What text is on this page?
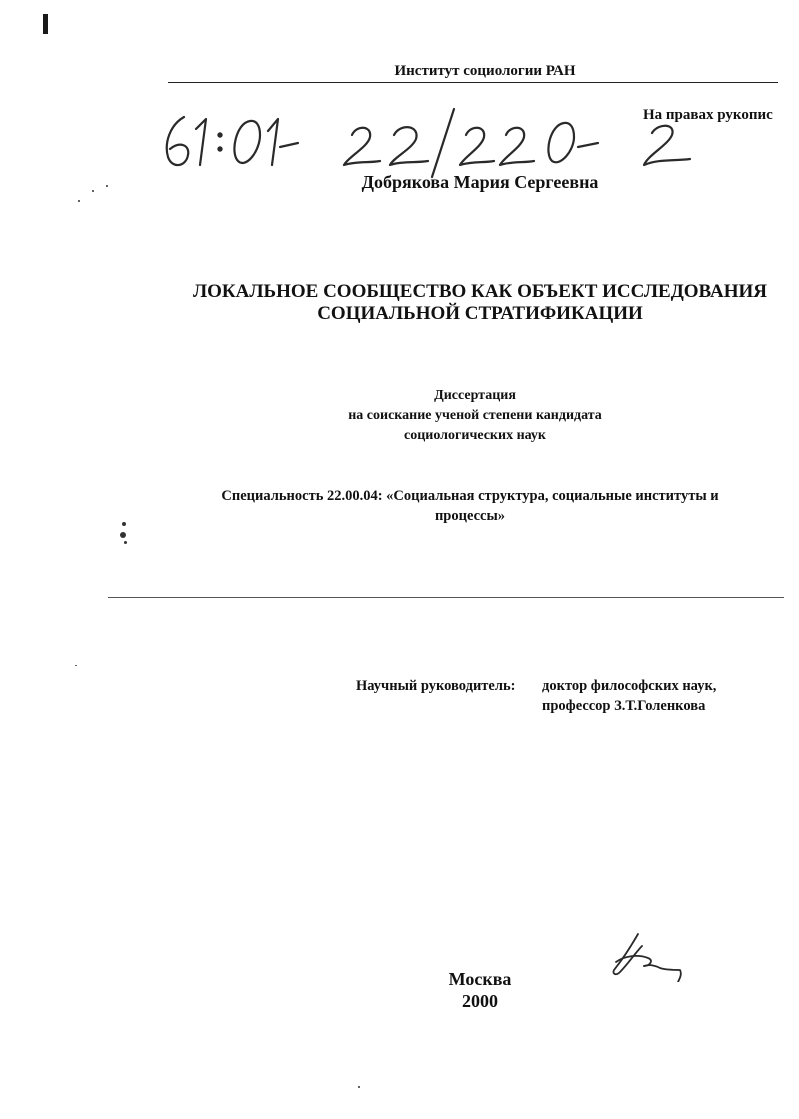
Институт социологии РАН
На правах рукопис
Добрякова Мария Сергеевна
ЛОКАЛЬНОЕ СООБЩЕСТВО КАК ОБЪЕКТ ИССЛЕДОВАНИЯ
СОЦИАЛЬНОЙ СТРАТИФИКАЦИИ
Диссертация
на соискание ученой степени кандидата
социологических наук
Специальность 22.00.04: «Социальная структура, социальные институты и
процессы»
Научный руководитель: доктор философских наук,
профессор З.Т.Голенкова
Москва
2000
